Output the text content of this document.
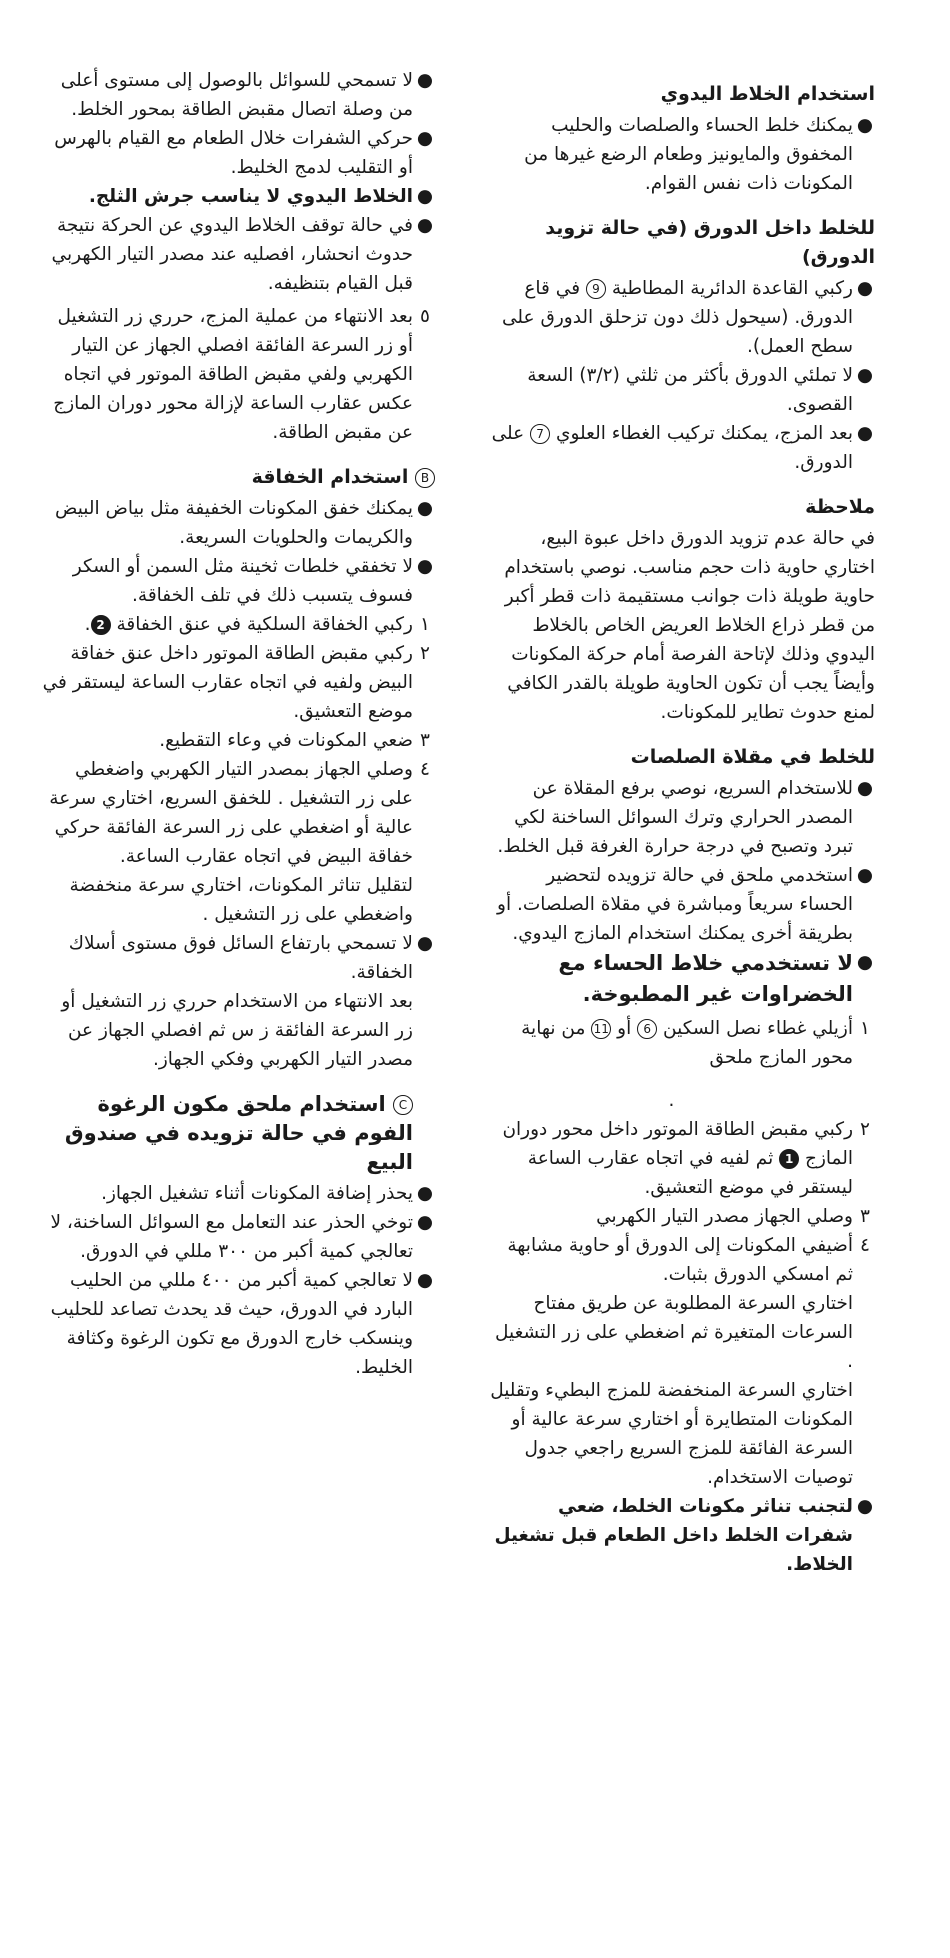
استخدام الخلاط اليدوي
●

يمكنك خلط الحساء والصلصات والحليب المخفوق والمايونيز وطعام الرضع غيرها من المكونات ذات نفس القوام.

للخلط داخل الدورق (في حالة تزويد الدورق)
●

ركبي القاعدة الدائرية المطاطية 9 في قاع الدورق. (سيحول ذلك دون تزحلق الدورق على سطح العمل).

●

لا تملئي الدورق بأكثر من ثلثي (٣/٢) السعة القصوى.

●

بعد المزج، يمكنك تركيب الغطاء العلوي 7 على الدورق.

ملاحظة

في حالة عدم تزويد الدورق داخل عبوة البيع، اختاري حاوية ذات حجم مناسب. نوصي باستخدام حاوية طويلة ذات جوانب مستقيمة ذات قطر أكبر من قطر ذراع الخلاط العريض الخاص بالخلاط اليدوي وذلك لإتاحة الفرصة أمام حركة المكونات وأيضاً يجب أن تكون الحاوية طويلة بالقدر الكافي لمنع حدوث تطاير للمكونات.

للخلط في مقلاة الصلصات
●

للاستخدام السريع، نوصي برفع المقلاة عن المصدر الحراري وترك السوائل الساخنة لكي تبرد وتصبح في درجة حرارة الغرفة قبل الخلط.

●

استخدمي ملحق في حالة تزويده لتحضير الحساء سريعاً ومباشرة في مقلاة الصلصات. أو بطريقة أخرى يمكنك استخدام المازج اليدوي.

●

لا تستخدمي خلاط الحساء مع الخضراوات غير المطبوخة.

١

أزيلي غطاء نصل السكين 6 أو 11 من نهاية محور المازج ملحق

.

٢

ركبي مقبض الطاقة الموتور داخل محور دوران المازج 1 ثم لفيه في اتجاه عقارب الساعة ليستقر في موضع التعشيق.

٣

وصلي الجهاز مصدر التيار الكهربي

٤

أضيفي المكونات إلى الدورق أو حاوية مشابهة ثم امسكي الدورق بثبات.

اختاري السرعة المطلوبة عن طريق مفتاح السرعات المتغيرة ثم اضغطي على زر التشغيل .

اختاري السرعة المنخفضة للمزج البطيء وتقليل المكونات المتطايرة أو اختاري سرعة عالية أو السرعة الفائقة للمزج السريع راجعي جدول توصيات الاستخدام.

●

لتجنب تناثر مكونات الخلط، ضعي شفرات الخلط داخل الطعام قبل تشغيل الخلاط.

●

لا تسمحي للسوائل بالوصول إلى مستوى أعلى من وصلة اتصال مقبض الطاقة بمحور الخلط.

●

حركي الشفرات خلال الطعام مع القيام بالهرس أو التقليب لدمج الخليط.

●

الخلاط اليدوي لا يناسب جرش الثلج.

●

في حالة توقف الخلاط اليدوي عن الحركة نتيجة حدوث انحشار، افصليه عند مصدر التيار الكهربي قبل القيام بتنظيفه.

٥

بعد الانتهاء من عملية المزج، حرري زر التشغيل أو زر السرعة الفائقة افصلي الجهاز عن التيار الكهربي ولفي مقبض الطاقة الموتور في اتجاه عكس عقارب الساعة لإزالة محور دوران المازج عن مقبض الطاقة.

B استخدام الخفاقة
●

يمكنك خفق المكونات الخفيفة مثل بياض البيض والكريمات والحلويات السريعة.

●

لا تخفقي خلطات ثخينة مثل السمن أو السكر فسوف يتسبب ذلك في تلف الخفاقة.

١

ركبي الخفاقة السلكية في عنق الخفاقة 2.

٢

ركبي مقبض الطاقة الموتور داخل عنق خفاقة البيض ولفيه في اتجاه عقارب الساعة ليستقر في موضع التعشيق.

٣

ضعي المكونات في وعاء التقطيع.

٤

وصلي الجهاز بمصدر التيار الكهربي واضغطي على زر التشغيل . للخفق السريع، اختاري سرعة عالية أو اضغطي على زر السرعة الفائقة حركي خفاقة البيض في اتجاه عقارب الساعة.

لتقليل تناثر المكونات، اختاري سرعة منخفضة واضغطي على زر التشغيل .

●

لا تسمحي بارتفاع السائل فوق مستوى أسلاك الخفاقة.

بعد الانتهاء من الاستخدام حرري زر التشغيل أو زر السرعة الفائقة ز س ثم افصلي الجهاز عن مصدر التيار الكهربي وفكي الجهاز.

C استخدام ملحق مكون الرغوة الفوم في حالة تزويده في صندوق البيع
●

يحذر إضافة المكونات أثناء تشغيل الجهاز.

●

توخي الحذر عند التعامل مع السوائل الساخنة، لا تعالجي كمية أكبر من ٣٠٠ مللي في الدورق.

●

لا تعالجي كمية أكبر من ٤٠٠ مللي من الحليب البارد في الدورق، حيث قد يحدث تصاعد للحليب وينسكب خارج الدورق مع تكون الرغوة وكثافة الخليط.
